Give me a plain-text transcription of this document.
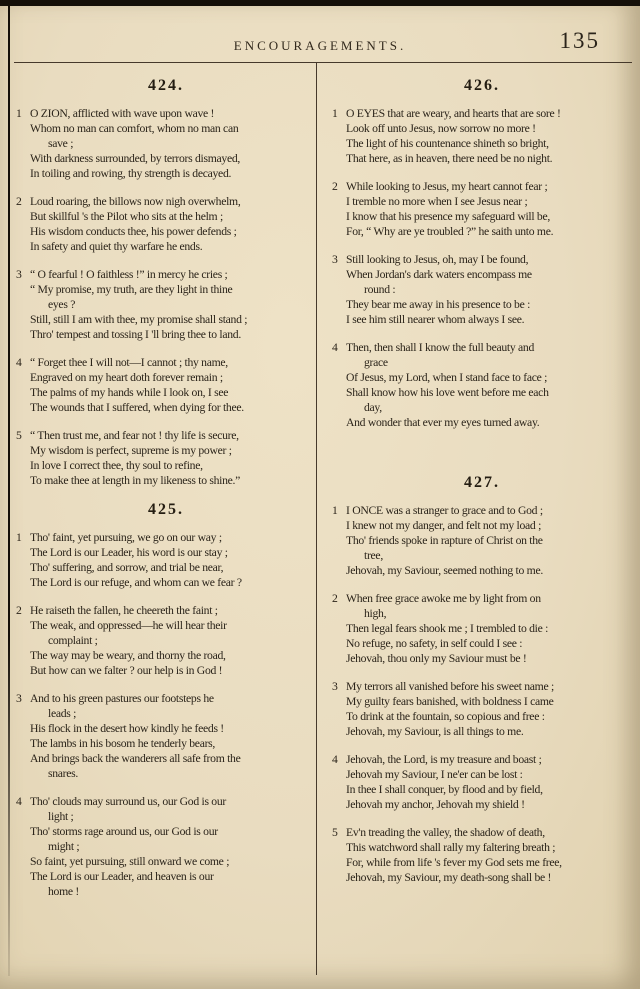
ENCOURAGEMENTS.	135
424.
1 O ZION, afflicted with wave upon wave !
Whom no man can comfort, whom no man can
save ;
With darkness surrounded, by terrors dismayed,
In toiling and rowing, thy strength is decayed.
2 Loud roaring, the billows now nigh overwhelm,
But skillful 's the Pilot who sits at the helm ;
His wisdom conducts thee, his power defends ;
In safety and quiet thy warfare he ends.
3 “ O fearful ! O faithless !” in mercy he cries ;
“ My promise, my truth, are they light in thine
eyes ?
Still, still I am with thee, my promise shall stand ;
Thro' tempest and tossing I 'll bring thee to land.
4 “ Forget thee I will not—I cannot ; thy name,
Engraved on my heart doth forever remain ;
The palms of my hands while I look on, I see
The wounds that I suffered, when dying for thee.
5 “ Then trust me, and fear not ! thy life is secure,
My wisdom is perfect, supreme is my power ;
In love I correct thee, thy soul to refine,
To make thee at length in my likeness to shine.”
425.
1 Tho' faint, yet pursuing, we go on our way ;
The Lord is our Leader, his word is our stay ;
Tho' suffering, and sorrow, and trial be near,
The Lord is our refuge, and whom can we fear ?
2 He raiseth the fallen, he cheereth the faint ;
The weak, and oppressed—he will hear their
complaint ;
The way may be weary, and thorny the road,
But how can we falter ? our help is in God !
3 And to his green pastures our footsteps he
leads ;
His flock in the desert how kindly he feeds !
The lambs in his bosom he tenderly bears,
And brings back the wanderers all safe from the
snares.
4 Tho' clouds may surround us, our God is our
light ;
Tho' storms rage around us, our God is our
might ;
So faint, yet pursuing, still onward we come ;
The Lord is our Leader, and heaven is our
home !
426.
1 O EYES that are weary, and hearts that are sore !
Look off unto Jesus, now sorrow no more !
The light of his countenance shineth so bright,
That here, as in heaven, there need be no night.
2 While looking to Jesus, my heart cannot fear ;
I tremble no more when I see Jesus near ;
I know that his presence my safeguard will be,
For, “ Why are ye troubled ?” he saith unto me.
3 Still looking to Jesus, oh, may I be found,
When Jordan's dark waters encompass me
round :
They bear me away in his presence to be :
I see him still nearer whom always I see.
4 Then, then shall I know the full beauty and
grace
Of Jesus, my Lord, when I stand face to face ;
Shall know how his love went before me each
day,
And wonder that ever my eyes turned away.
427.
1 I ONCE was a stranger to grace and to God ;
I knew not my danger, and felt not my load ;
Tho' friends spoke in rapture of Christ on the
tree,
Jehovah, my Saviour, seemed nothing to me.
2 When free grace awoke me by light from on
high,
Then legal fears shook me ; I trembled to die :
No refuge, no safety, in self could I see :
Jehovah, thou only my Saviour must be !
3 My terrors all vanished before his sweet name ;
My guilty fears banished, with boldness I came
To drink at the fountain, so copious and free :
Jehovah, my Saviour, is all things to me.
4 Jehovah, the Lord, is my treasure and boast ;
Jehovah my Saviour, I ne'er can be lost :
In thee I shall conquer, by flood and by field,
Jehovah my anchor, Jehovah my shield !
5 Ev'n treading the valley, the shadow of death,
This watchword shall rally my faltering breath ;
For, while from life 's fever my God sets me free,
Jehovah, my Saviour, my death-song shall be !
